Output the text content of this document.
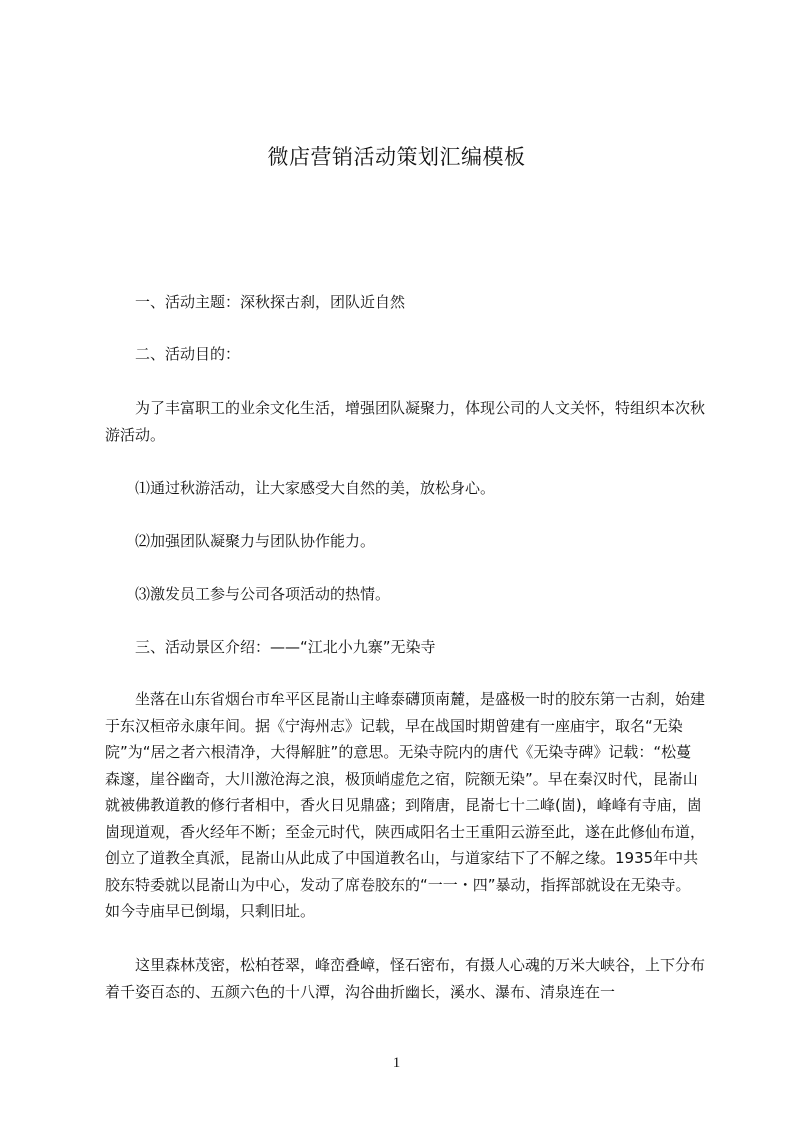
微店营销活动策划汇编模板

一、活动主题：深秋探古刹，团队近自然

二、活动目的：

为了丰富职工的业余文化生活，增强团队凝聚力，体现公司的人文关怀，特组织本次秋游活动。

⑴通过秋游活动，让大家感受大自然的美，放松身心。

⑵加强团队凝聚力与团队协作能力。

⑶激发员工参与公司各项活动的热情。

三、活动景区介绍：——“江北小九寨”无染寺

坐落在山东省烟台市牟平区昆嵛山主峰泰礴顶南麓，是盛极一时的胶东第一古刹，始建于东汉桓帝永康年间。据《宁海州志》记载，早在战国时期曾建有一座庙宇，取名“无染院”为“居之者六根清净，大得解脏”的意思。无染寺院内的唐代《无染寺碑》记载：“松蔓森邃，崖谷幽奇，大川激沧海之浪，极顶峭虚危之宿，院额无染”。早在秦汉时代，昆嵛山就被佛教道教的修行者相中，香火日见鼎盛；到隋唐，昆嵛七十二峰(崮)，峰峰有寺庙，崮崮现道观，香火经年不断；至金元时代，陕西咸阳名士王重阳云游至此，遂在此修仙布道，创立了道教全真派，昆嵛山从此成了中国道教名山，与道家结下了不解之缘。1935年中共胶东特委就以昆嵛山为中心，发动了席卷胶东的“一一・四”暴动，指挥部就设在无染寺。如今寺庙早已倒塌，只剩旧址。

这里森林茂密，松柏苍翠，峰峦叠嶂，怪石密布，有摄人心魂的万米大峡谷，上下分布着千姿百态的、五颜六色的十八潭，沟谷曲折幽长，溪水、瀑布、清泉连在一

1
